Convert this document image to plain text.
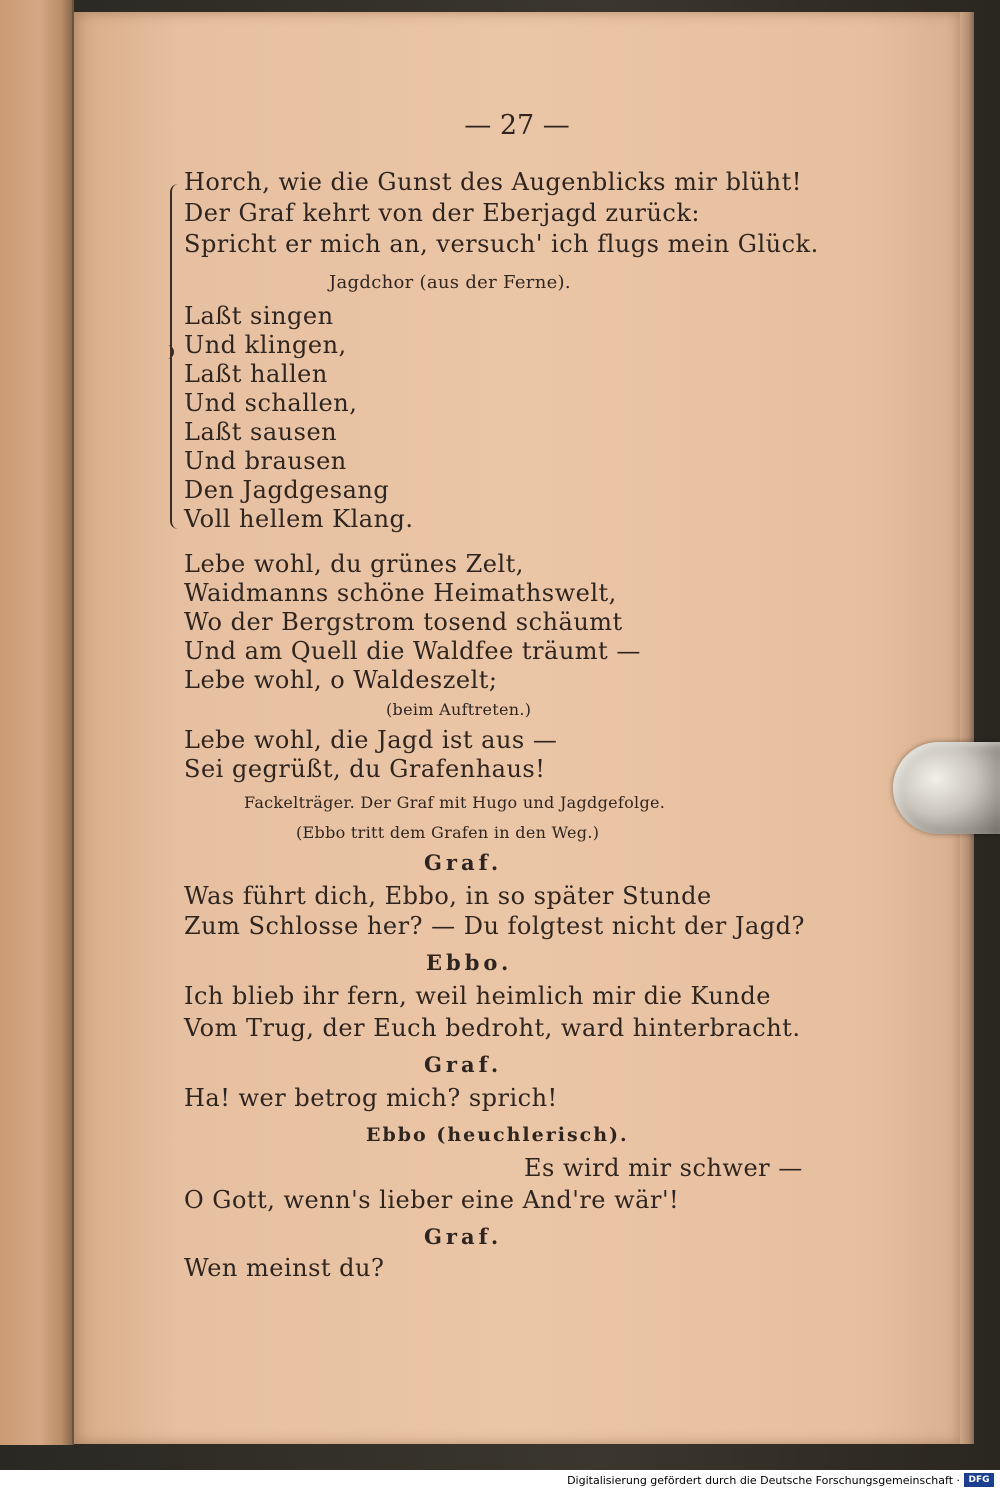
— 27 —
Horch, wie die Gunst des Augenblicks mir blüht!
Der Graf kehrt von der Eberjagd zurück:
Spricht er mich an, versuch' ich flugs mein Glück.
Jagdchor (aus der Ferne).
Laßt singen
Und klingen,
Laßt hallen
Und schallen,
Laßt sausen
Und brausen
Den Jagdgesang
Voll hellem Klang.
Lebe wohl, du grünes Zelt,
Waidmanns schöne Heimathswelt,
Wo der Bergstrom tosend schäumt
Und am Quell die Waldfee träumt —
Lebe wohl, o Waldeszelt;
(beim Auftreten.)
Lebe wohl, die Jagd ist aus —
Sei gegrüßt, du Grafenhaus!
Fackelträger. Der Graf mit Hugo und Jagdgefolge.
(Ebbo tritt dem Grafen in den Weg.)
Graf.
Was führt dich, Ebbo, in so später Stunde
Zum Schlosse her? — Du folgtest nicht der Jagd?
Ebbo.
Ich blieb ihr fern, weil heimlich mir die Kunde
Vom Trug, der Euch bedroht, ward hinterbracht.
Graf.
Ha! wer betrog mich? sprich!
Ebbo (heuchlerisch).
Es wird mir schwer —
O Gott, wenn's lieber eine And're wär'!
Graf.
Wen meinst du?
Digitalisierung gefördert durch die Deutsche Forschungsgemeinschaft · DFG
